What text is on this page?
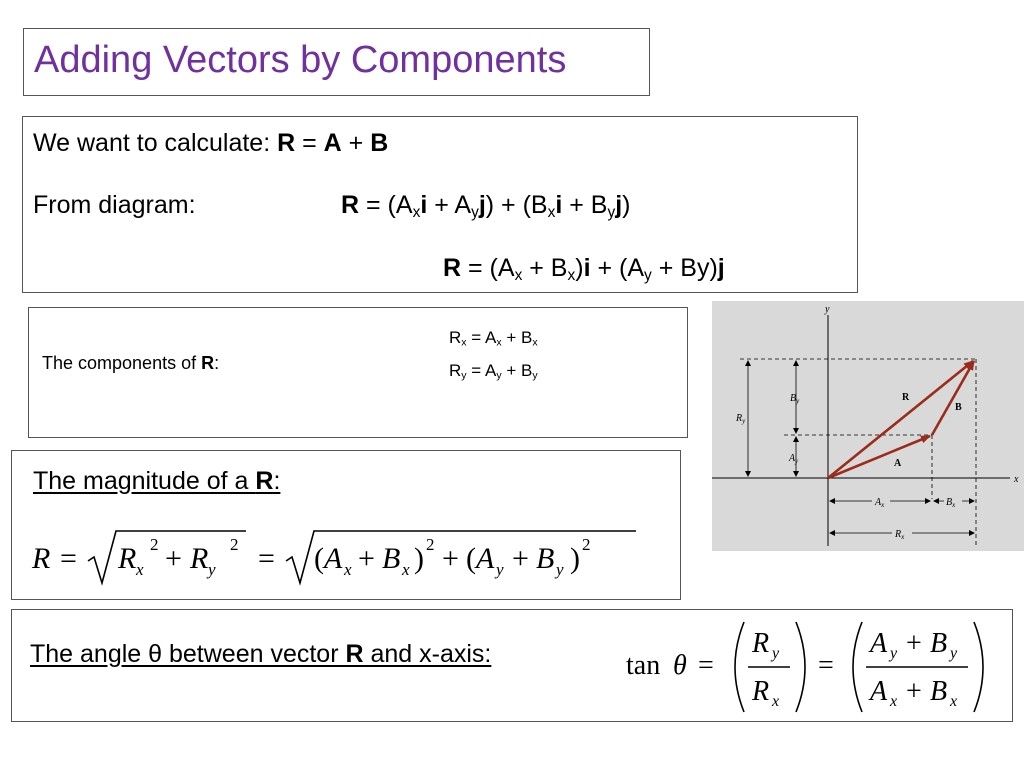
Adding Vectors by Components
We want to calculate: R = A + B
From diagram:	$R = (A_xi + A_yj) + (B_xi + B_yj)$
$R = (A_x + B_x)i + (A_y + By)j$
The components of R:
$R_x = A_x + B_x$
$R_y = A_y + B_y$
The magnitude of a R:
R = R x
2 + R y
2 = ( A x + B x ) 2 + ( A y + B y ) 2
The angle θ between vector R and x-axis:	tan θ =
R y
R x
=
A y + B y
A x + B x
y
x
$R_y$
$B_y$
$A_y$
$A_x$	$B_x$
$R_x$
A
B
R
